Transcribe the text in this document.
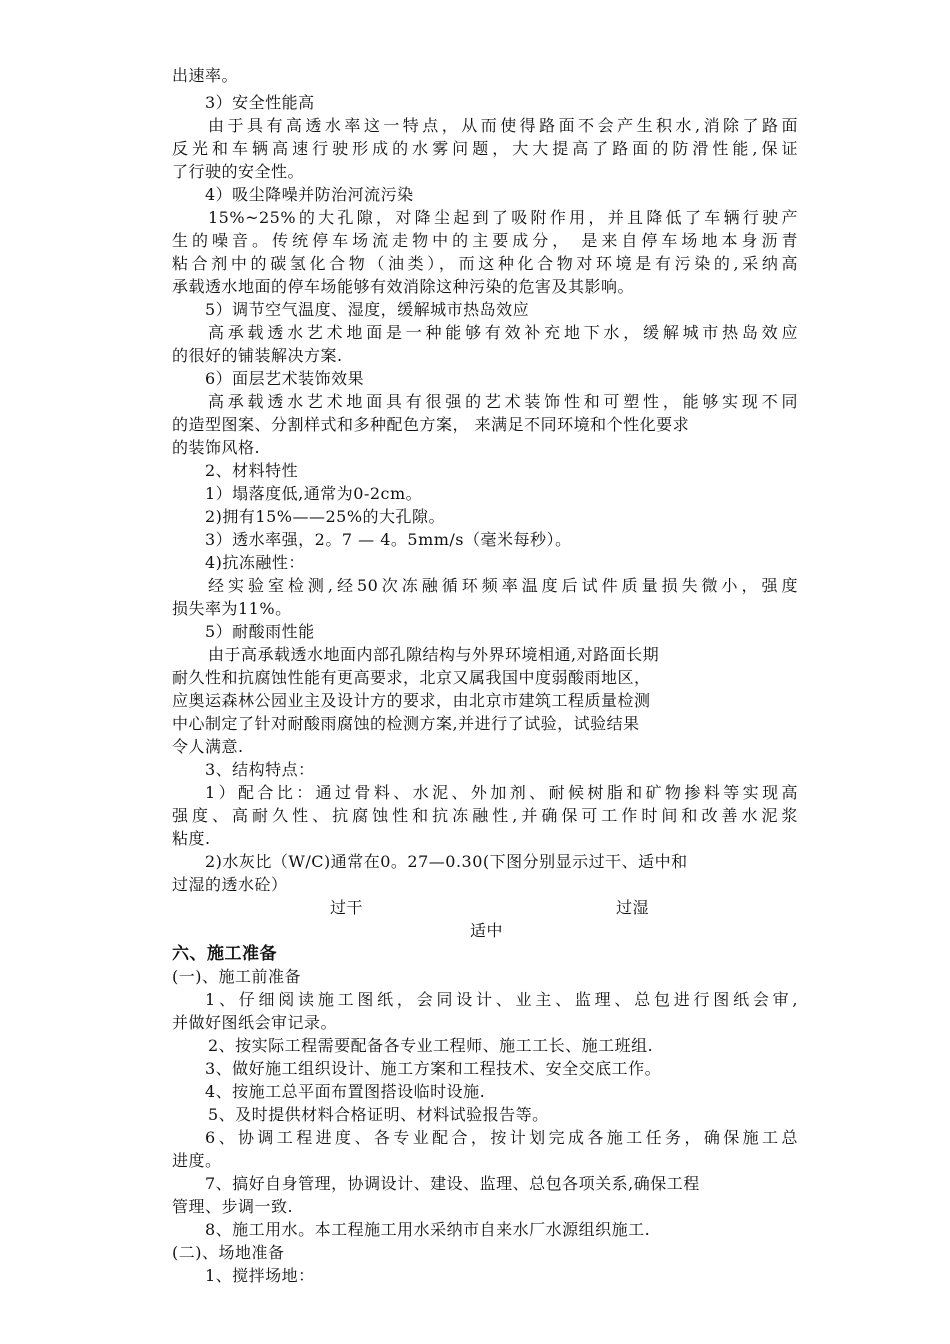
出速率。
3）安全性能高
由于具有高透水率这一特点，从而使得路面不会产生积水,消除了路面
反光和车辆高速行驶形成的水雾问题，大大提高了路面的防滑性能,保证
了行驶的安全性。
4）吸尘降噪并防治河流污染
15%~25%的大孔隙，对降尘起到了吸附作用，并且降低了车辆行驶产
生的噪音。传统停车场流走物中的主要成分， 是来自停车场地本身沥青
粘合剂中的碳氢化合物（油类），而这种化合物对环境是有污染的,采纳高
承载透水地面的停车场能够有效消除这种污染的危害及其影响。
5）调节空气温度、湿度，缓解城市热岛效应
高承载透水艺术地面是一种能够有效补充地下水，缓解城市热岛效应
的很好的铺装解决方案.
6）面层艺术装饰效果
高承载透水艺术地面具有很强的艺术装饰性和可塑性，能够实现不同
的造型图案、分割样式和多种配色方案， 来满足不同环境和个性化要求
的装饰风格.
2、材料特性
1）塌落度低,通常为0-2cm。
2)拥有15%——25%的大孔隙。
3）透水率强，2。7 — 4。5mm/s（毫米每秒）。
4)抗冻融性：
经实验室检测,经50次冻融循环频率温度后试件质量损失微小，强度
损失率为11%。
5）耐酸雨性能
由于高承载透水地面内部孔隙结构与外界环境相通,对路面长期
耐久性和抗腐蚀性能有更高要求，北京又属我国中度弱酸雨地区，
应奥运森林公园业主及设计方的要求，由北京市建筑工程质量检测
中心制定了针对耐酸雨腐蚀的检测方案,并进行了试验，试验结果
令人满意.
3、结构特点：
1）配合比：通过骨料、水泥、外加剂、耐候树脂和矿物掺料等实现高
强度、高耐久性、抗腐蚀性和抗冻融性,并确保可工作时间和改善水泥浆
粘度.
2)水灰比（W/C)通常在0。27—0.30(下图分别显示过干、适中和
过湿的透水砼）
过干	过湿
适中
六、施工准备
(一)、施工前准备
1、仔细阅读施工图纸，会同设计、业主、监理、总包进行图纸会审,
并做好图纸会审记录。
2、按实际工程需要配备各专业工程师、施工工长、施工班组.
3、做好施工组织设计、施工方案和工程技术、安全交底工作。
4、按施工总平面布置图搭设临时设施.
5、及时提供材料合格证明、材料试验报告等。
6、协调工程进度、各专业配合，按计划完成各施工任务，确保施工总
进度。
7、搞好自身管理，协调设计、建设、监理、总包各项关系,确保工程
管理、步调一致.
8、施工用水。本工程施工用水采纳市自来水厂水源组织施工.
(二)、场地准备
1、搅拌场地：
